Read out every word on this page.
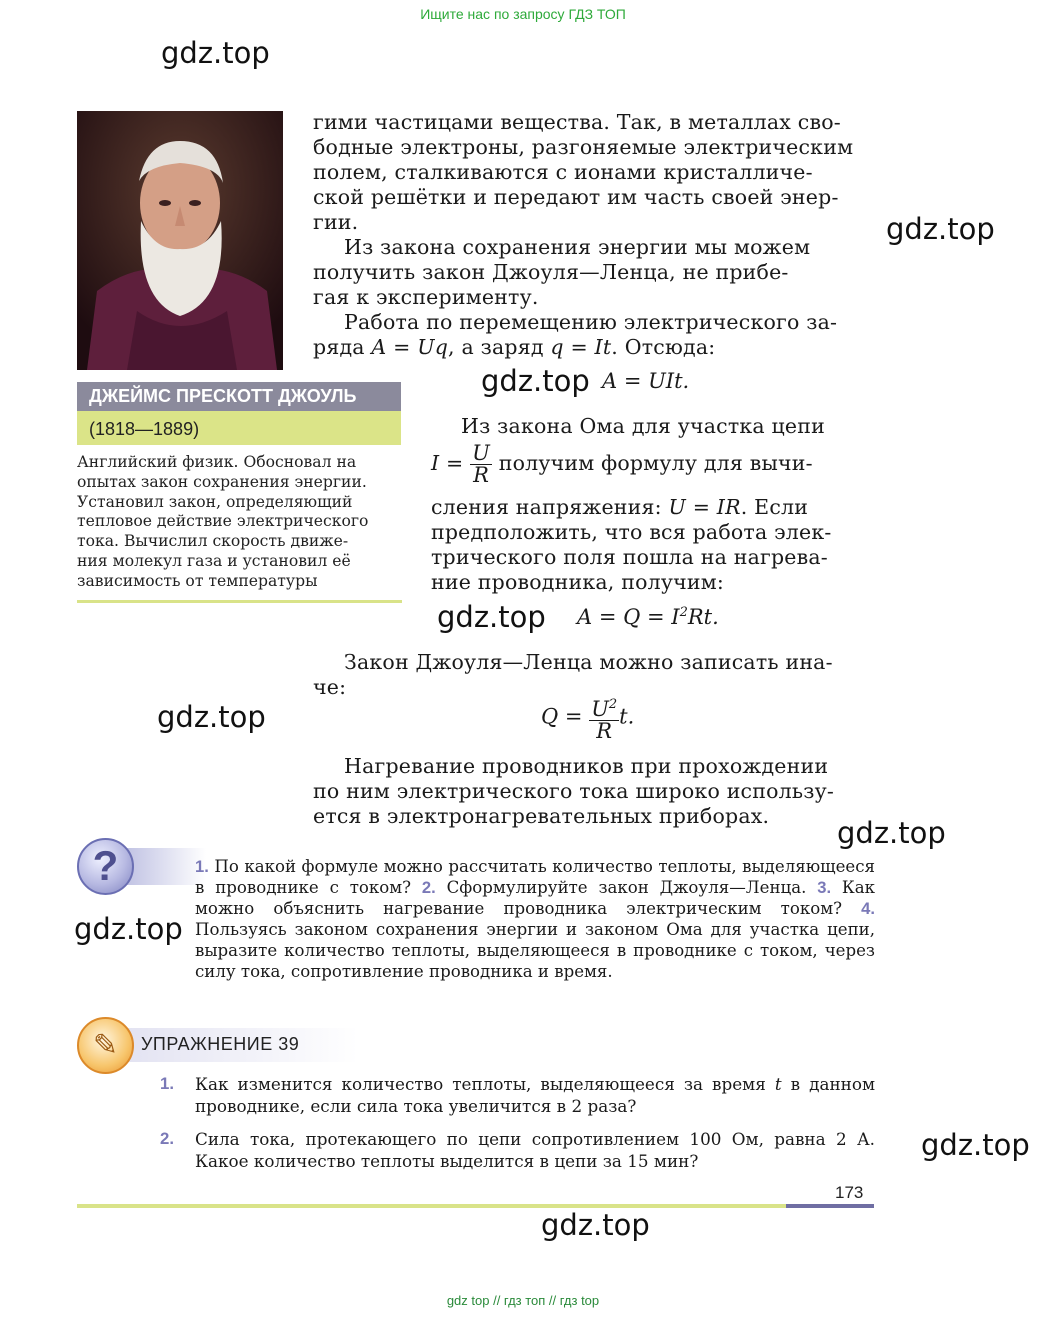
Ищите нас по запросу ГДЗ ТОП
gdz.top
gdz.top
gdz.top
gdz.top
gdz.top
gdz.top
gdz.top
gdz.top
gdz.top
ДЖЕЙМС ПРЕСКОТТ ДЖОУЛЬ
(1818—1889)
Английский физик. Обосновал на
опытах закон сохранения энергии.
Установил закон, определяющий
тепловое действие электрического
тока. Вычислил скорость движе-
ния молекул газа и установил её
зависимость от температуры
гими частицами вещества. Так, в металлах сво-
бодные электроны, разгоняемые электрическим
полем, сталкиваются с ионами кристалличе-
ской решётки и передают им часть своей энер-
гии.
Из закона сохранения энергии мы можем
получить закон Джоуля—Ленца, не прибе-
гая к эксперименту.
Работа по перемещению электрического за-
ряда A = Uq, а заряд q = It. Отсюда:
A = UIt.
Из закона Ома для участка цепи
$I = \frac{U}{R}$ получим формулу для вычи-
сления напряжения: U = IR. Если
предположить, что вся работа элек-
трического поля пошла на нагрева-
ние проводника, получим:
$A = Q = I^2Rt$.
Закон Джоуля—Ленца можно записать ина-
че:
$Q = \frac{U^2}{R} t$.
Нагревание проводников при прохождении
по ним электрического тока широко использу-
ется в электронагревательных приборах.
?	1. По какой формуле можно рассчитать количество теплоты, выделяющееся в проводнике с током? 2. Сформулируйте закон Джоуля—Ленца. 3. Как можно объяснить нагревание проводника электрическим током? 4. Пользуясь законом сохранения энергии и законом Ома для участка цепи, выразите количество теплоты, выделяющееся в проводнике с током, через силу тока, сопротивление проводника и время.
✎	УПРАЖНЕНИЕ 39
1. Как изменится количество теплоты, выделяющееся за время t в данном проводнике, если сила тока увеличится в 2 раза?
2. Сила тока, протекающего по цепи сопротивлением 100 Ом, равна 2 А. Какое количество теплоты выделится в цепи за 15 мин?
173
gdz top // гдз топ // гдз top
